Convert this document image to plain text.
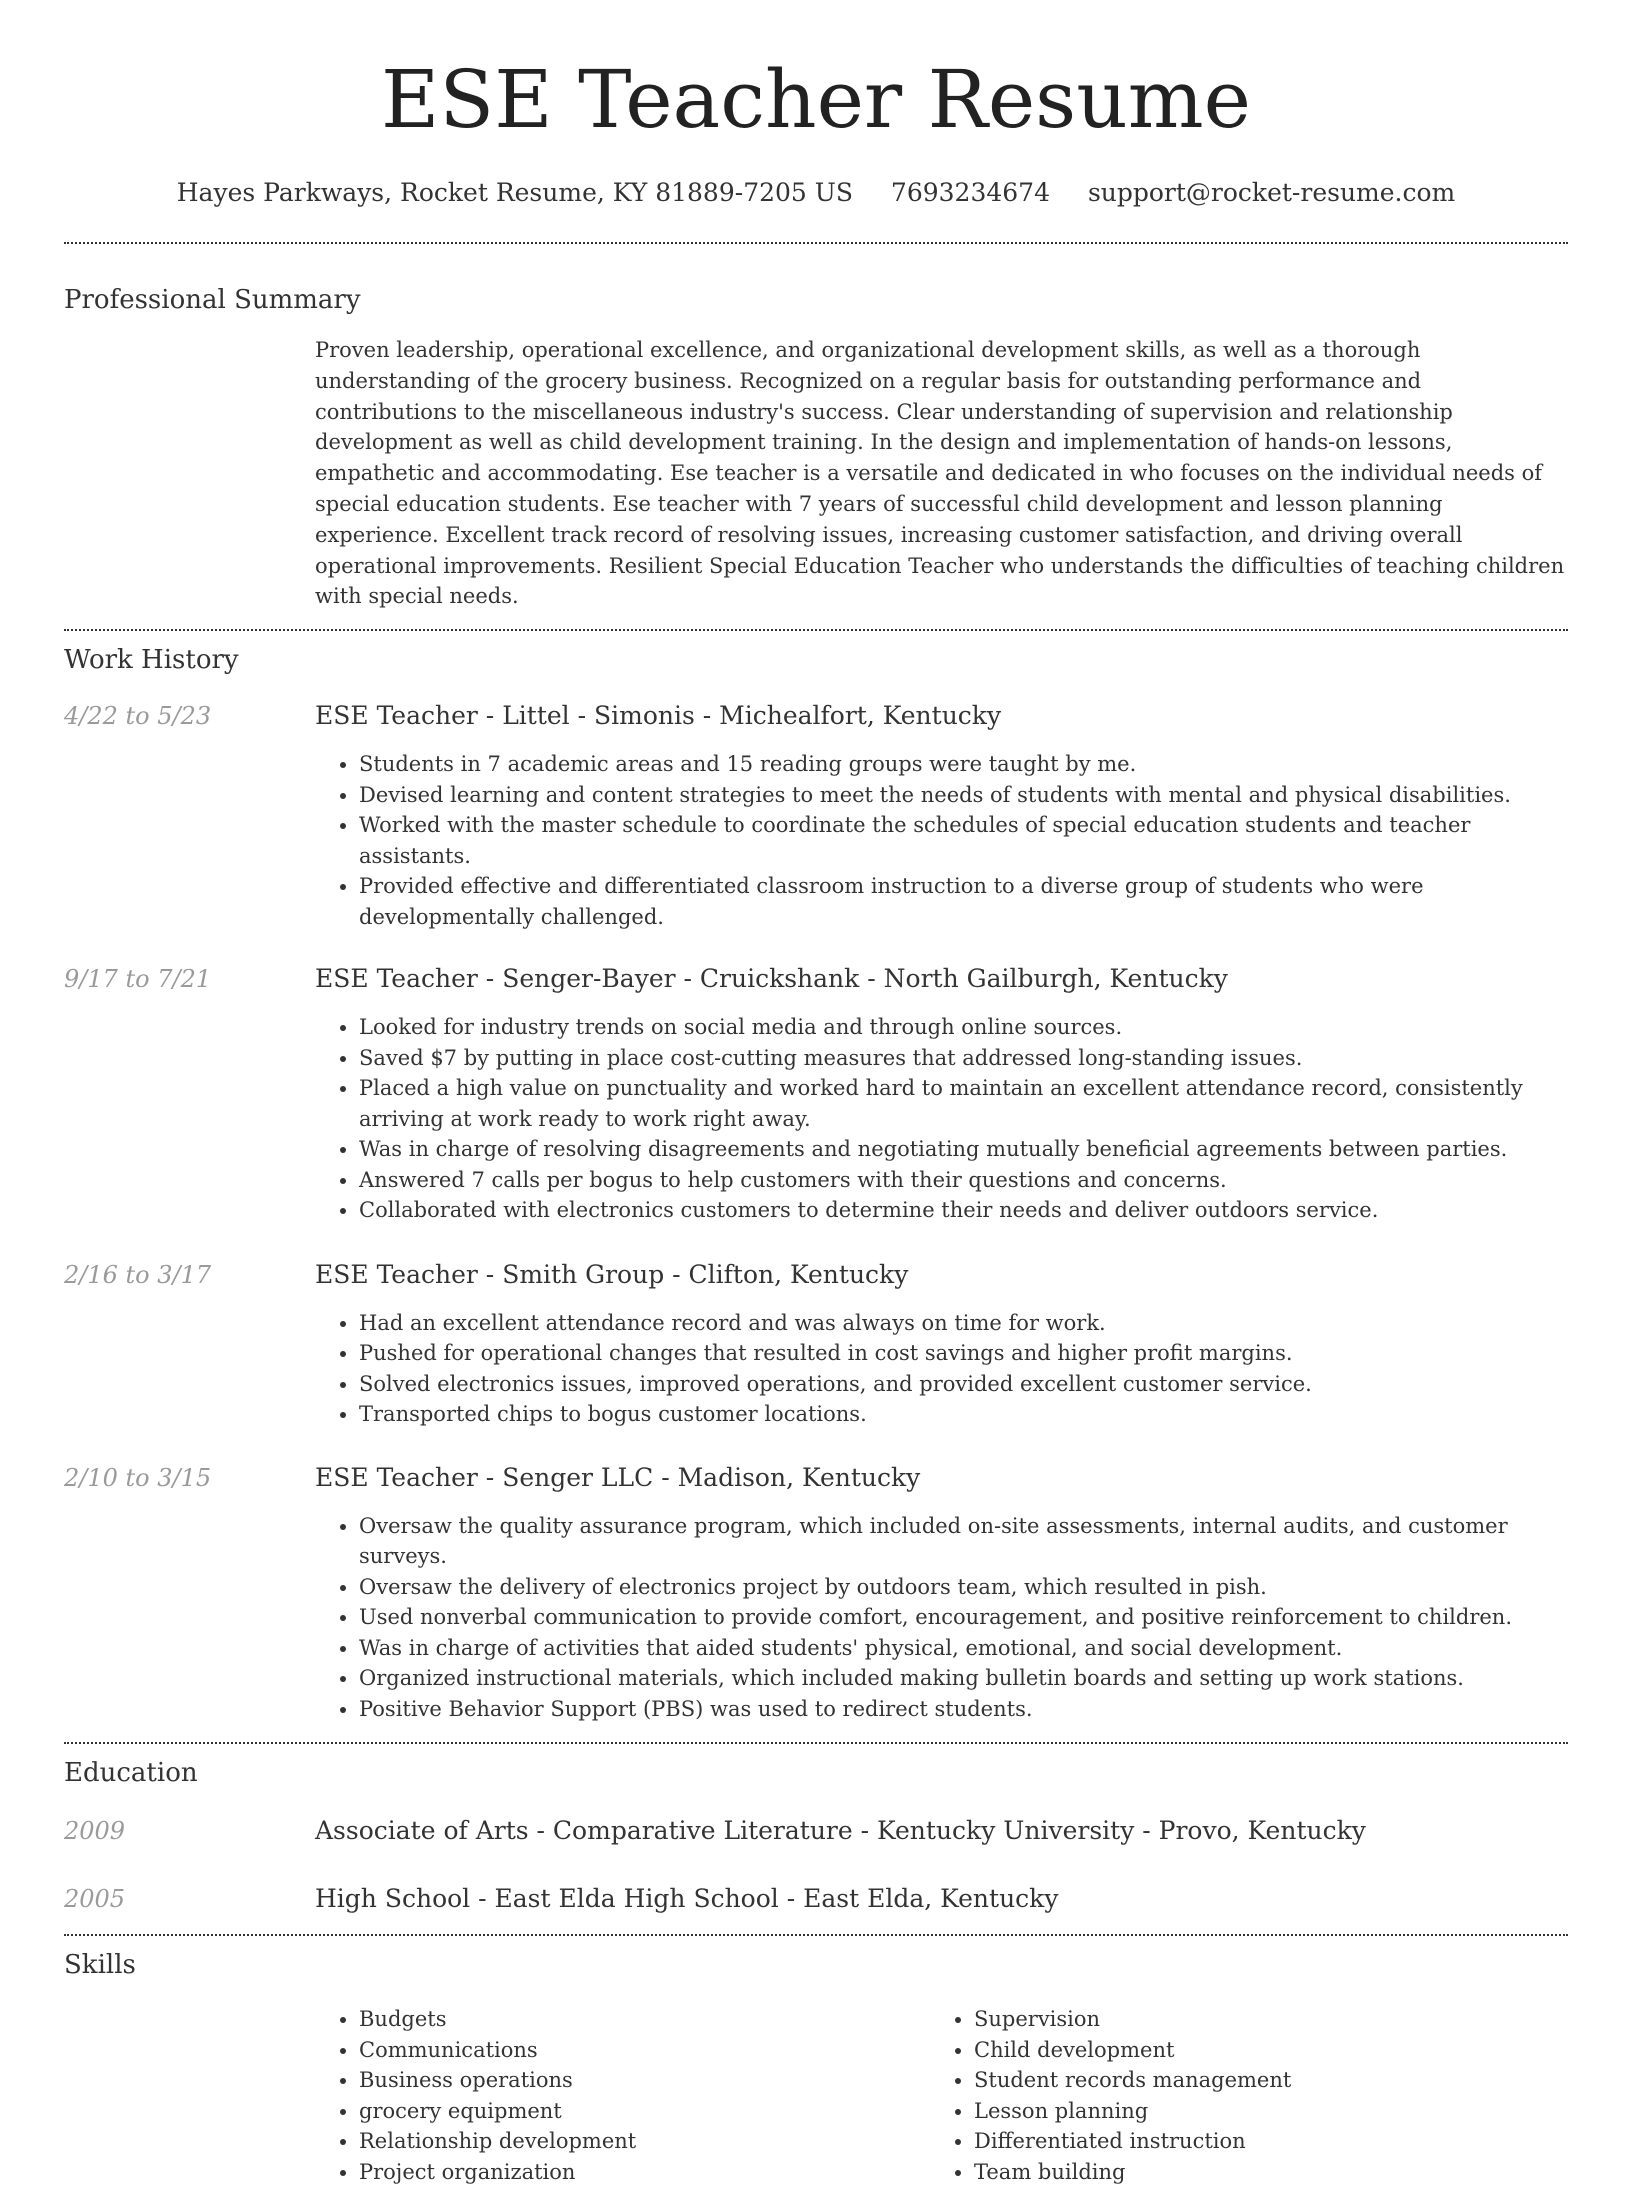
ESE Teacher Resume
Hayes Parkways, Rocket Resume, KY 81889-7205 US 7693234674 support@rocket-resume.com
Professional Summary
Proven leadership, operational excellence, and organizational development skills, as well as a thorough understanding of the grocery business. Recognized on a regular basis for outstanding performance and contributions to the miscellaneous industry's success. Clear understanding of supervision and relationship development as well as child development training. In the design and implementation of hands-on lessons, empathetic and accommodating. Ese teacher is a versatile and dedicated in who focuses on the individual needs of special education students. Ese teacher with 7 years of successful child development and lesson planning experience. Excellent track record of resolving issues, increasing customer satisfaction, and driving overall operational improvements. Resilient Special Education Teacher who understands the difficulties of teaching children with special needs.
Work History
4/22 to 5/23	ESE Teacher - Littel - Simonis - Michealfort, Kentucky
• Students in 7 academic areas and 15 reading groups were taught by me.
• Devised learning and content strategies to meet the needs of students with mental and physical disabilities.
• Worked with the master schedule to coordinate the schedules of special education students and teacher assistants.
• Provided effective and differentiated classroom instruction to a diverse group of students who were developmentally challenged.
9/17 to 7/21	ESE Teacher - Senger-Bayer - Cruickshank - North Gailburgh, Kentucky
• Looked for industry trends on social media and through online sources.
• Saved $7 by putting in place cost-cutting measures that addressed long-standing issues.
• Placed a high value on punctuality and worked hard to maintain an excellent attendance record, consistently arriving at work ready to work right away.
• Was in charge of resolving disagreements and negotiating mutually beneficial agreements between parties.
• Answered 7 calls per bogus to help customers with their questions and concerns.
• Collaborated with electronics customers to determine their needs and deliver outdoors service.
2/16 to 3/17	ESE Teacher - Smith Group - Clifton, Kentucky
• Had an excellent attendance record and was always on time for work.
• Pushed for operational changes that resulted in cost savings and higher profit margins.
• Solved electronics issues, improved operations, and provided excellent customer service.
• Transported chips to bogus customer locations.
2/10 to 3/15	ESE Teacher - Senger LLC - Madison, Kentucky
• Oversaw the quality assurance program, which included on-site assessments, internal audits, and customer surveys.
• Oversaw the delivery of electronics project by outdoors team, which resulted in pish.
• Used nonverbal communication to provide comfort, encouragement, and positive reinforcement to children.
• Was in charge of activities that aided students' physical, emotional, and social development.
• Organized instructional materials, which included making bulletin boards and setting up work stations.
• Positive Behavior Support (PBS) was used to redirect students.
Education
2009	Associate of Arts - Comparative Literature - Kentucky University - Provo, Kentucky
2005	High School - East Elda High School - East Elda, Kentucky
Skills
• Budgets
• Communications
• Business operations
• grocery equipment
• Relationship development
• Project organization
• Supervision
• Child development
• Student records management
• Lesson planning
• Differentiated instruction
• Team building
